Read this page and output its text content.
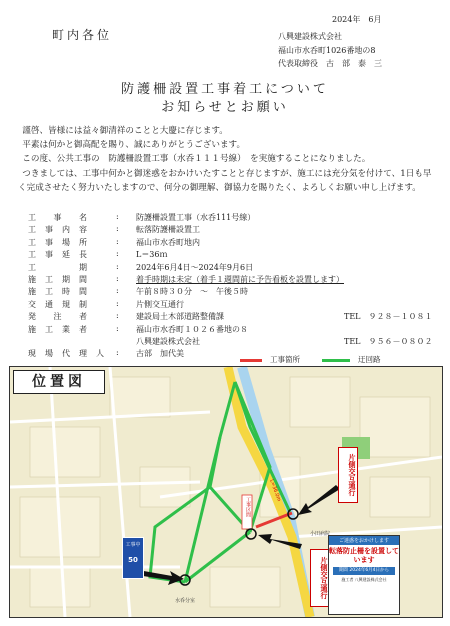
町内各位
2024年　6月
八興建設株式会社
福山市水呑町1026番地の8
代表取締役　古　部　泰　三
防護柵設置工事着工について
お知らせとお願い

謹啓、皆様には益々御清祥のことと大慶に存じます。

平素は何かと御高配を賜り、誠にありがとうございます。

この度、公共工事の　防護柵設置工事（水呑１１１号線）　を実施することになりました。

つきましては、工事中何かと御迷惑をおかけいたすことと存じますが、施工には充分気を付けて、1日も早く完成させたく努力いたしますので、何分の御理解、御協力を賜りたく、よろしくお願い申し上げます。

工　　事　　名	:	防護柵設置工事（水呑111号線）	
工　事　内　容	:	転落防護柵設置工	
工　事　場　所	:	福山市水呑町地内	
工　事　延　長	:	L＝36ｍ	
工　　　　　期	:	2024年6月4日～2024年9月6日	
施　工　期　間	:	着手時期は未定（着手１週間前に予告看板を設置します）	
施　工　時　間	:	午前８時３０分　～　午後５時	
交　通　規　制	:	片側交互通行	
発　　注　　者	:	建設局土木部道路整備課	TEL　９２８－１０８１
施　工　業　者	:	福山市水呑町１０２６番地の８	
		八興建設株式会社	TEL　９５６－０８０２
現　場　代　理　人	:	古部　加代美	
工事箇所	迂回路
位置図
片側交互通行
片側交互通行
工事区間
L=36.0m
ご迷惑をおかけします
転落防止柵を設置しています
期間 2024年6月4日から
施工者 八興建設株式会社
工事中
50
水呑分室
小田病院
